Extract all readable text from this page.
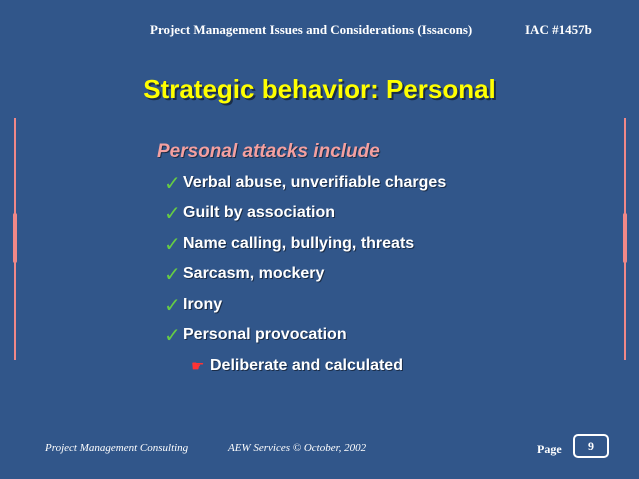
Project Management Issues and Considerations (Issacons)	IAC #1457b
Strategic behavior: Personal
Personal attacks include
✓ Verbal abuse, unverifiable charges
✓ Guilt by association
✓ Name calling, bullying, threats
✓ Sarcasm, mockery
✓ Irony
✓ Personal provocation
☛ Deliberate and calculated
Project Management Consulting	AEW Services © October, 2002	Page	9
